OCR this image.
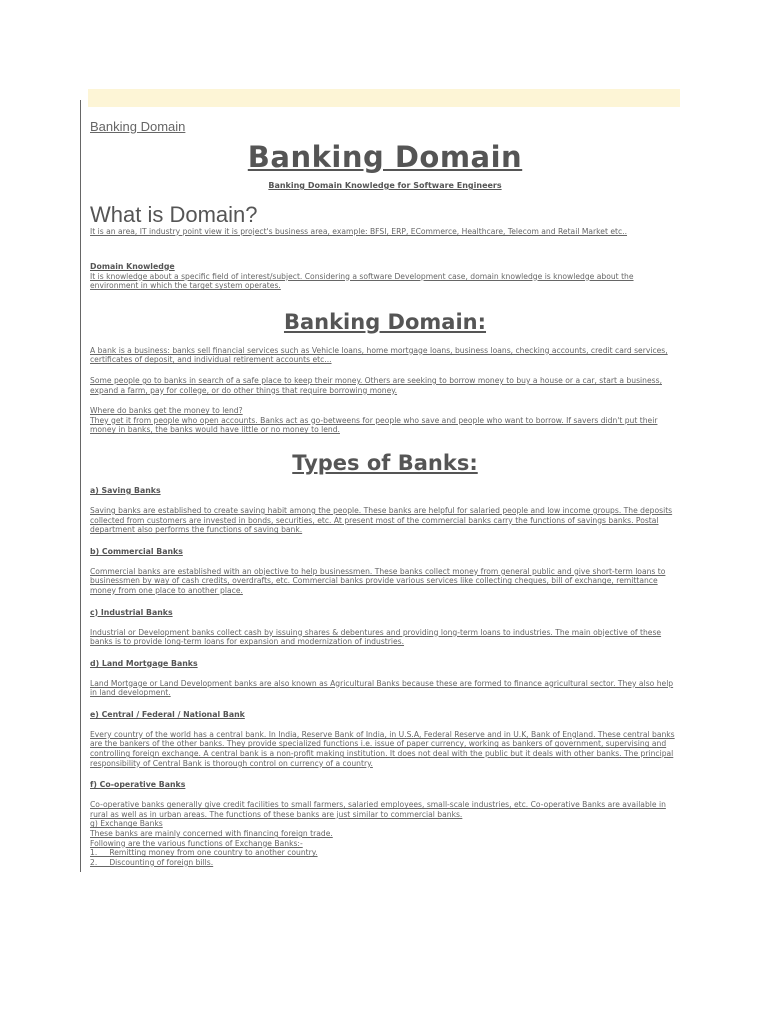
Banking Domain

Banking Domain

Banking Domain Knowledge for Software Engineers

What is Domain?

It is an area, IT industry point view it is project's business area, example: BFSI, ERP, ECommerce, Healthcare, Telecom and Retail Market etc..

Domain Knowledge

It is knowledge about a specific field of interest/subject. Considering a software Development case, domain knowledge is knowledge about the environment in which the target system operates.

Banking Domain:

A bank is a business: banks sell financial services such as Vehicle loans, home mortgage loans, business loans, checking accounts, credit card services, certificates of deposit, and individual retirement accounts etc...

Some people go to banks in search of a safe place to keep their money. Others are seeking to borrow money to buy a house or a car, start a business, expand a farm, pay for college, or do other things that require borrowing money.

Where do banks get the money to lend?

They get it from people who open accounts. Banks act as go-betweens for people who save and people who want to borrow. If savers didn't put their money in banks, the banks would have little or no money to lend.

Types of Banks:

a) Saving Banks

Saving banks are established to create saving habit among the people. These banks are helpful for salaried people and low income groups. The deposits collected from customers are invested in bonds, securities, etc. At present most of the commercial banks carry the functions of savings banks. Postal department also performs the functions of saving bank.

b) Commercial Banks

Commercial banks are established with an objective to help businessmen. These banks collect money from general public and give short-term loans to businessmen by way of cash credits, overdrafts, etc. Commercial banks provide various services like collecting cheques, bill of exchange, remittance money from one place to another place.

c) Industrial Banks

Industrial or Development banks collect cash by issuing shares & debentures and providing long-term loans to industries. The main objective of these banks is to provide long-term loans for expansion and modernization of industries.

d) Land Mortgage Banks

Land Mortgage or Land Development banks are also known as Agricultural Banks because these are formed to finance agricultural sector. They also help in land development.

e) Central / Federal / National Bank

Every country of the world has a central bank. In India, Reserve Bank of India, in U.S.A, Federal Reserve and in U.K, Bank of England. These central banks are the bankers of the other banks. They provide specialized functions i.e. issue of paper currency, working as bankers of government, supervising and controlling foreign exchange. A central bank is a non-profit making institution. It does not deal with the public but it deals with other banks. The principal responsibility of Central Bank is thorough control on currency of a country.

f) Co-operative Banks

Co-operative banks generally give credit facilities to small farmers, salaried employees, small-scale industries, etc. Co-operative Banks are available in rural as well as in urban areas. The functions of these banks are just similar to commercial banks.

g) Exchange Banks

These banks are mainly concerned with financing foreign trade.

Following are the various functions of Exchange Banks:-

1.     Remitting money from one country to another country.

2.     Discounting of foreign bills.
